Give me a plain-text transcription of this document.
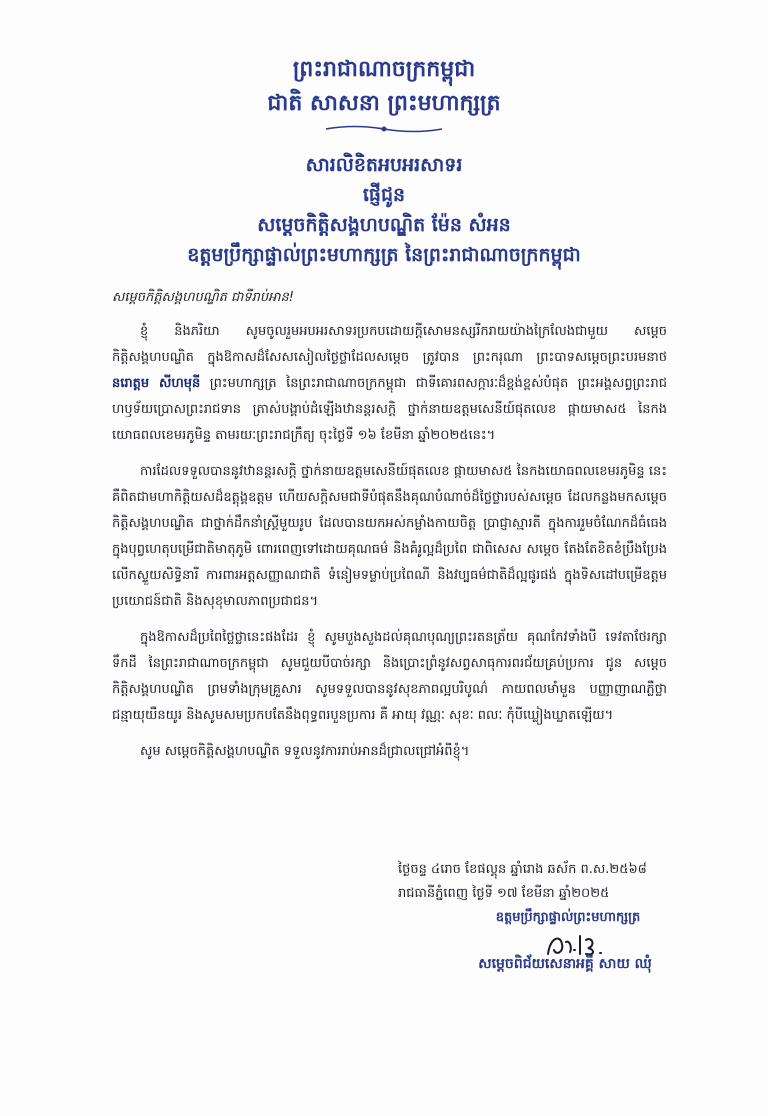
ព្រះរាជាណាចក្រកម្ពុជា

ជាតិ សាសនា ព្រះមហាក្សត្រ

សារលិខិតអបអរសាទរ

ផ្ញើជូន

សម្តេចកិត្តិសង្គហបណ្ឌិត ម៉ែន សំអន

ឧត្តមប្រឹក្សាផ្ទាល់ព្រះមហាក្សត្រ នៃព្រះរាជាណាចក្រកម្ពុជា

សម្តេចកិត្តិសង្គហបណ្ឌិត ជាទីរាប់អាន!

ខ្ញុំ និងភរិយា សូមចូលរួមអបអរសាទរប្រកបដោយក្តីសោមនស្សរីករាយយ៉ាងក្រៃលែងជាមួយ សម្តេចកិត្តិសង្គហបណ្ឌិត ក្នុងឱកាសដ៏សែសសៀលថ្ងៃថ្លាដែលសម្តេច ត្រូវបាន ព្រះករុណា ព្រះបាទសម្តេចព្រះបរមនាថ នរោត្តម សីហមុនី ព្រះមហាក្សត្រ នៃព្រះរាជាណាចក្រកម្ពុជា ជាទីគោរពសក្ការៈដ៏ខ្ពង់ខ្ពស់បំផុត ព្រះអង្គសព្វព្រះរាជហឫទ័យប្រោសព្រះរាជទាន ត្រាស់បង្គាប់ដំឡើងឋានន្តរសក្តិ ថ្នាក់នាយឧត្តមសេនីយ៍ផុតលេខ ផ្កាយមាស៥ នៃកងយោធពលខេមរភូមិន្ទ តាមរយៈព្រះរាជក្រឹត្យ ចុះថ្ងៃទី ១៦ ខែមីនា ឆ្នាំ២០២៥នេះ។

ការដែលទទួលបាននូវឋានន្តរសក្តិ ថ្នាក់នាយឧត្តមសេនីយ៍ផុតលេខ ផ្កាយមាស៥ នៃកងយោធពលខេមរភូមិន្ទ នេះ គឺពិតជាមហាកិត្តិយសដ៏ឧត្តុង្គឧត្តម ហើយសក្តិសមជាទីបំផុតនឹងគុណបំណាច់ដ៏ថ្លៃថ្លារបស់សម្តេច ដែលកន្លងមកសម្តេចកិត្តិសង្គហបណ្ឌិត ជាថ្នាក់ដឹកនាំស្ត្រីមួយរូប ដែលបានយកអស់កម្លាំងកាយចិត្ត ប្រាជ្ញាស្មារតី ក្នុងការរួមចំណែកដ៏ធំធេងក្នុងបុព្វហេតុបម្រើជាតិមាតុភូមិ ពោរពេញទៅដោយគុណធម៌ និងគំរូល្អដ៏ប្រពៃ ជាពិសេស សម្តេច តែងតែខិតខំប្រឹងប្រែងលើកស្ទួយសិទ្ធិនារី ការពារអត្តសញ្ញាណជាតិ ទំនៀមទម្លាប់ប្រពៃណី និងវប្បធម៌ជាតិដ៏ល្អផូរផង់ ក្នុងទិសដៅបម្រើឧត្តមប្រយោជន៍ជាតិ និងសុខុមាលភាពប្រជាជន។

ក្នុងឱកាសដ៏ប្រពៃថ្លៃថ្លានេះផងដែរ ខ្ញុំ សូមបួងសួងដល់គុណបុណ្យព្រះរតនត្រ័យ គុណកែវទាំងបី ទេវតាថែរក្សាទឹកដី នៃព្រះរាជាណាចក្រកម្ពុជា សូមជួយបីបាច់រក្សា និងប្រោះព្រំនូវសព្វសាធុការពរជ័យគ្រប់ប្រការ ជូន សម្តេចកិត្តិសង្គហបណ្ឌិត ព្រមទាំងក្រុមគ្រួសារ សូមទទួលបាននូវសុខភាពល្អបរិបូណ៌ កាយពលមាំមួន បញ្ញាញាណភ្លឺថ្លា ជន្មាយុយឺនយូរ និងសូមសមប្រកបតែនឹងពុទ្ធពរបួនប្រការ គឺ អាយុ វណ្ណៈ សុខៈ ពលៈ កុំបីឃ្លៀងឃ្លាតឡើយ។

សូម សម្តេចកិត្តិសង្គហបណ្ឌិត ទទួលនូវការរាប់អានដ៏ជ្រាលជ្រៅអំពីខ្ញុំ។

ថ្ងៃចន្ទ ៤រោច ខែផល្គុន ឆ្នាំរោង ឆស័ក ព.ស.២៥៦៨

រាជធានីភ្នំពេញ ថ្ងៃទី ១៧ ខែមីនា ឆ្នាំ២០២៥

ឧត្តមប្រឹក្សាផ្ទាល់ព្រះមហាក្សត្រ

សម្តេចពិជ័យសេនាអគ្គី សាយ ឈុំ
